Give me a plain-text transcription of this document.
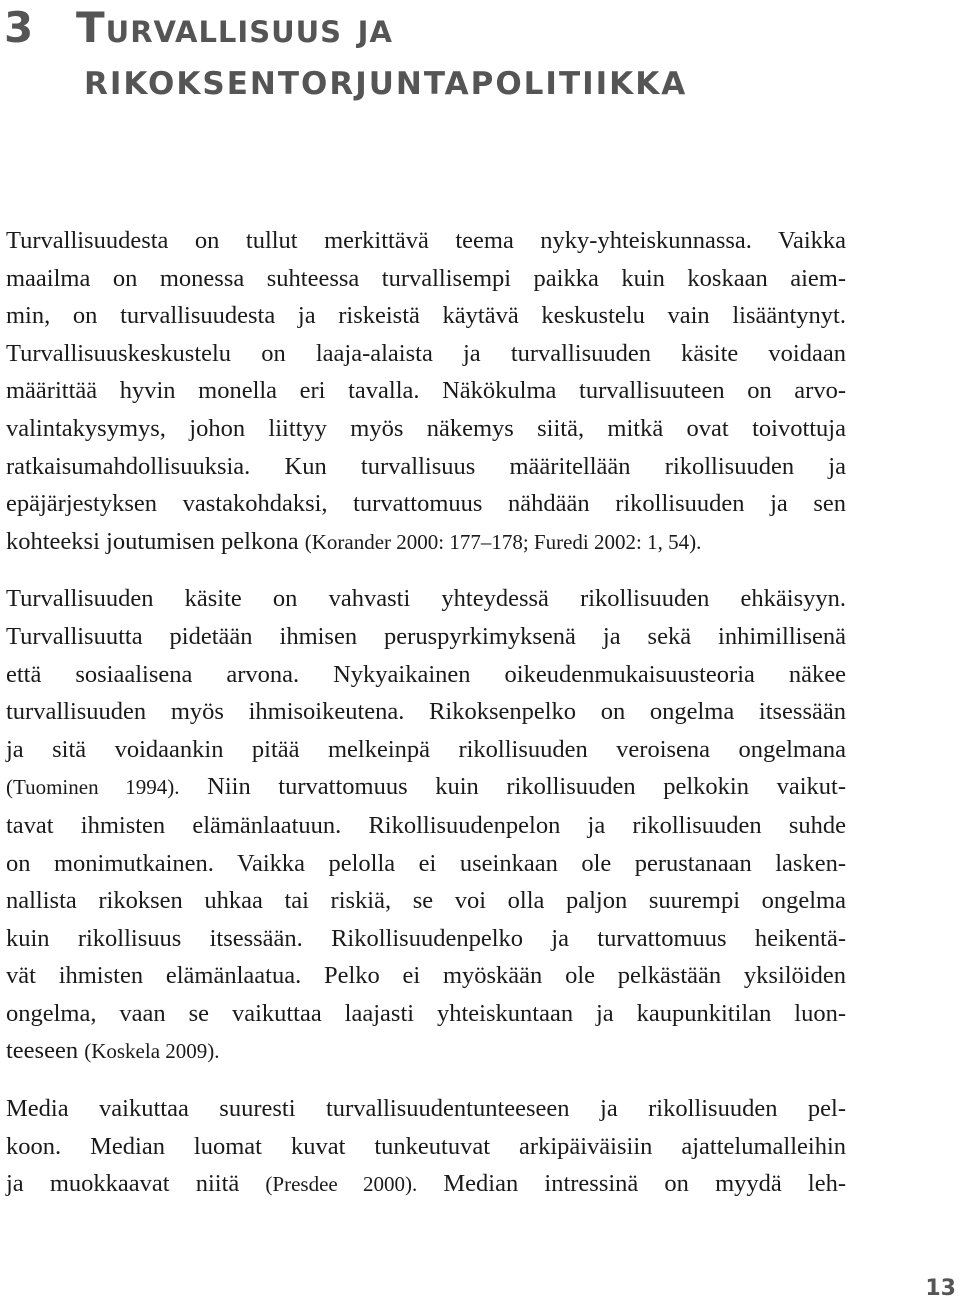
3 Turvallisuus ja
RIKOKSENTORJUNTAPOLITIIKKA

Turvallisuudesta on tullut merkittävä teema nyky-yhteiskunnassa. Vaikka
maailma on monessa suhteessa turvallisempi paikka kuin koskaan aiem-
min, on turvallisuudesta ja riskeistä käytävä keskustelu vain lisääntynyt.
Turvallisuuskeskustelu on laaja-alaista ja turvallisuuden käsite voidaan
määrittää hyvin monella eri tavalla. Näkökulma turvallisuuteen on arvo-
valintakysymys, johon liittyy myös näkemys siitä, mitkä ovat toivottuja
ratkaisumahdollisuuksia. Kun turvallisuus määritellään rikollisuuden ja
epäjärjestyksen vastakohdaksi, turvattomuus nähdään rikollisuuden ja sen
kohteeksi joutumisen pelkona (Korander 2000: 177–178; Furedi 2002: 1, 54).

Turvallisuuden käsite on vahvasti yhteydessä rikollisuuden ehkäisyyn.
Turvallisuutta pidetään ihmisen peruspyrkimyksenä ja sekä inhimillisenä
että sosiaalisena arvona. Nykyaikainen oikeudenmukaisuusteoria näkee
turvallisuuden myös ihmisoikeutena. Rikoksenpelko on ongelma itsessään
ja sitä voidaankin pitää melkeinpä rikollisuuden veroisena ongelmana
(Tuominen 1994). Niin turvattomuus kuin rikollisuuden pelkokin vaikut-
tavat ihmisten elämänlaatuun. Rikollisuudenpelon ja rikollisuuden suhde
on monimutkainen. Vaikka pelolla ei useinkaan ole perustanaan lasken-
nallista rikoksen uhkaa tai riskiä, se voi olla paljon suurempi ongelma
kuin rikollisuus itsessään. Rikollisuudenpelko ja turvattomuus heikentä-
vät ihmisten elämänlaatua. Pelko ei myöskään ole pelkästään yksilöiden
ongelma, vaan se vaikuttaa laajasti yhteiskuntaan ja kaupunkitilan luon-
teeseen (Koskela 2009).

Media vaikuttaa suuresti turvallisuudentunteeseen ja rikollisuuden pel-
koon. Median luomat kuvat tunkeutuvat arkipäiväisiin ajattelumalleihin
ja muokkaavat niitä (Presdee 2000). Median intressinä on myydä leh-

13
